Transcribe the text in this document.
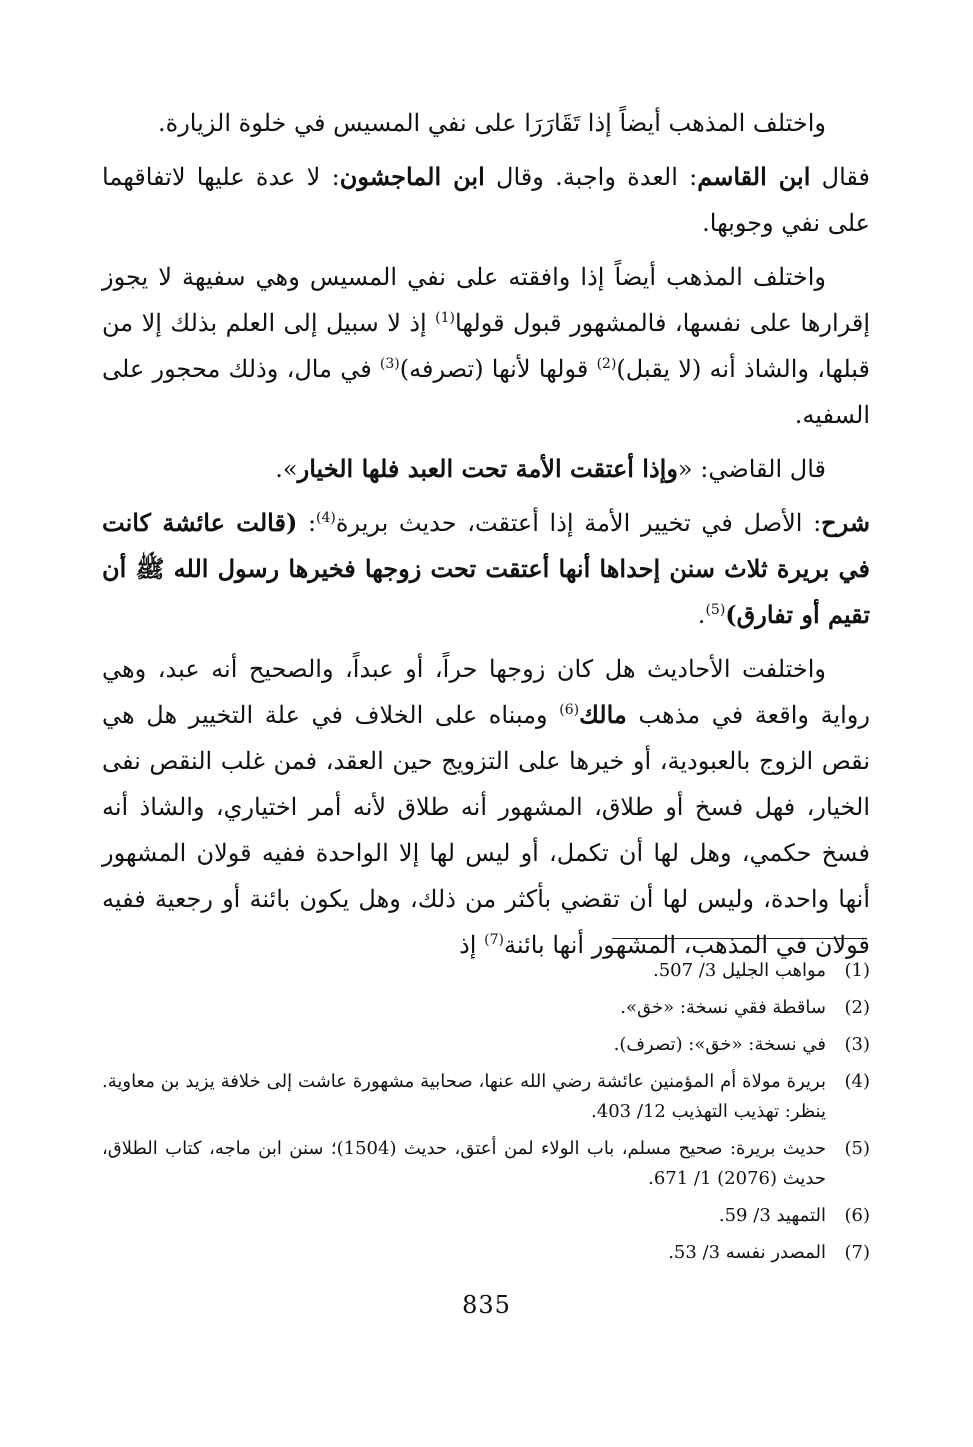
واختلف المذهب أيضاً إذا تَقَارَرَا على نفي المسيس في خلوة الزيارة.

فقال ابن القاسم: العدة واجبة. وقال ابن الماجشون: لا عدة عليها لاتفاقهما على نفي وجوبها.

واختلف المذهب أيضاً إذا وافقته على نفي المسيس وهي سفيهة لا يجوز إقرارها على نفسها، فالمشهور قبول قولها$^{(1)}$ إذ لا سبيل إلى العلم بذلك إلا من قبلها، والشاذ أنه (لا يقبل)$^{(2)}$ قولها لأنها (تصرفه)$^{(3)}$ في مال، وذلك محجور على السفيه.

قال القاضي: «وإذا أعتقت الأمة تحت العبد فلها الخيار».

شرح: الأصل في تخيير الأمة إذا أعتقت، حديث بريرة$^{(4)}$: (قالت عائشة كانت في بريرة ثلاث سنن إحداها أنها أعتقت تحت زوجها فخيرها رسول الله ﷺ أن تقيم أو تفارق)$^{(5)}$.

واختلفت الأحاديث هل كان زوجها حراً، أو عبداً، والصحيح أنه عبد، وهي رواية واقعة في مذهب مالك$^{(6)}$ ومبناه على الخلاف في علة التخيير هل هي نقص الزوج بالعبودية، أو خيرها على التزويج حين العقد، فمن غلب النقص نفى الخيار، فهل فسخ أو طلاق، المشهور أنه طلاق لأنه أمر اختياري، والشاذ أنه فسخ حكمي، وهل لها أن تكمل، أو ليس لها إلا الواحدة ففيه قولان المشهور أنها واحدة، وليس لها أن تقضي بأكثر من ذلك، وهل يكون بائنة أو رجعية ففيه قولان في المذهب، المشهور أنها بائنة$^{(7)}$ إذ

(1)
مواهب الجليل 3/ 507.
(2)
ساقطة فقي نسخة: «خق».
(3)
في نسخة: «خق»: (تصرف).
(4)
بريرة مولاة أم المؤمنين عائشة رضي الله عنها، صحابية مشهورة عاشت إلى خلافة يزيد بن معاوية. ينظر: تهذيب التهذيب 12/ 403.
(5)
حديث بريرة: صحيح مسلم، باب الولاء لمن أعتق، حديث (1504)؛ سنن ابن ماجه، كتاب الطلاق، حديث (2076) 1/ 671.
(6)
التمهيد 3/ 59.
(7)
المصدر نفسه 3/ 53.
835
